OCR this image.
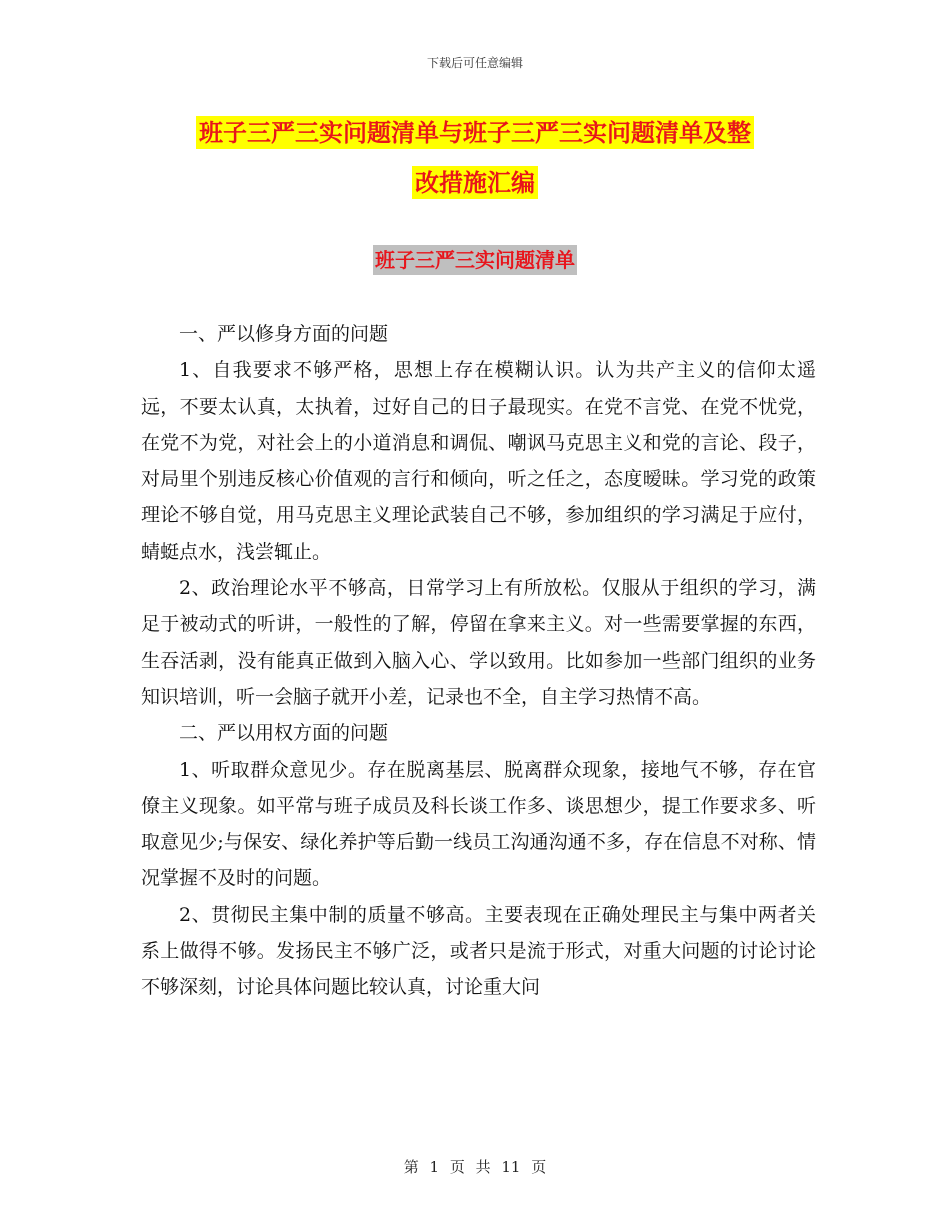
下载后可任意编辑
班子三严三实问题清单与班子三严三实问题清单及整
改措施汇编
班子三严三实问题清单

一、严以修身方面的问题

1、自我要求不够严格，思想上存在模糊认识。认为共产主义的信仰太遥远，不要太认真，太执着，过好自己的日子最现实。在党不言党、在党不忧党，在党不为党，对社会上的小道消息和调侃、嘲讽马克思主义和党的言论、段子，对局里个别违反核心价值观的言行和倾向，听之任之，态度暧昧。学习党的政策理论不够自觉，用马克思主义理论武装自己不够，参加组织的学习满足于应付，蜻蜓点水，浅尝辄止。

2、政治理论水平不够高，日常学习上有所放松。仅服从于组织的学习，满足于被动式的听讲，一般性的了解，停留在拿来主义。对一些需要掌握的东西，生吞活剥，没有能真正做到入脑入心、学以致用。比如参加一些部门组织的业务知识培训，听一会脑子就开小差，记录也不全，自主学习热情不高。

二、严以用权方面的问题

1、听取群众意见少。存在脱离基层、脱离群众现象，接地气不够，存在官僚主义现象。如平常与班子成员及科长谈工作多、谈思想少，提工作要求多、听取意见少;与保安、绿化养护等后勤一线员工沟通沟通不多，存在信息不对称、情况掌握不及时的问题。

2、贯彻民主集中制的质量不够高。主要表现在正确处理民主与集中两者关系上做得不够。发扬民主不够广泛，或者只是流于形式，对重大问题的讨论讨论不够深刻，讨论具体问题比较认真，讨论重大问

第 1 页 共 11 页
